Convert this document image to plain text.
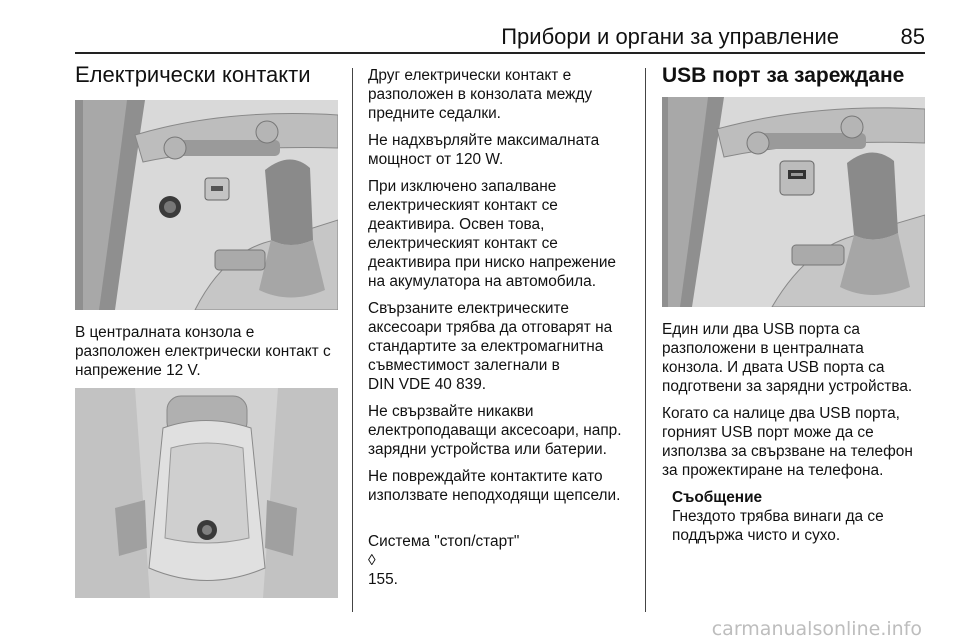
Прибори и органи за управление	85
Електрически контакти
В централната конзола е
разположен електрически контакт с
напрежение 12 V.

Друг електрически контакт е
разположен в конзолата между
предните седалки.

Не надхвърляйте максималната
мощност от 120 W.

При изключено запалване
електрическият контакт се
деактивира. Освен това,
електрическият контакт се
деактивира при ниско напрежение
на акумулатора на автомобила.

Свързаните електрическите
аксесоари трябва да отговарят на
стандартите за електромагнитна
съвместимост залегнали в
DIN VDE 40 839.

Не свързвайте никакви
електроподаващи аксесоари, напр.
зарядни устройства или батерии.

Не повреждайте контактите като
използвате неподходящи щепсели.

Система "стоп/старт"
◊
155.

USB порт за зареждане

Един или два USB порта са
разположени в централната
конзола. И двата USB порта са
подготвени за зарядни устройства.

Когато са налице два USB порта,
горният USB порт може да се
използва за свързване на телефон
за прожектиране на телефона.

Съобщение
Гнездото трябва винаги да се
поддържа чисто и сухо.
carmanualsonline.info
